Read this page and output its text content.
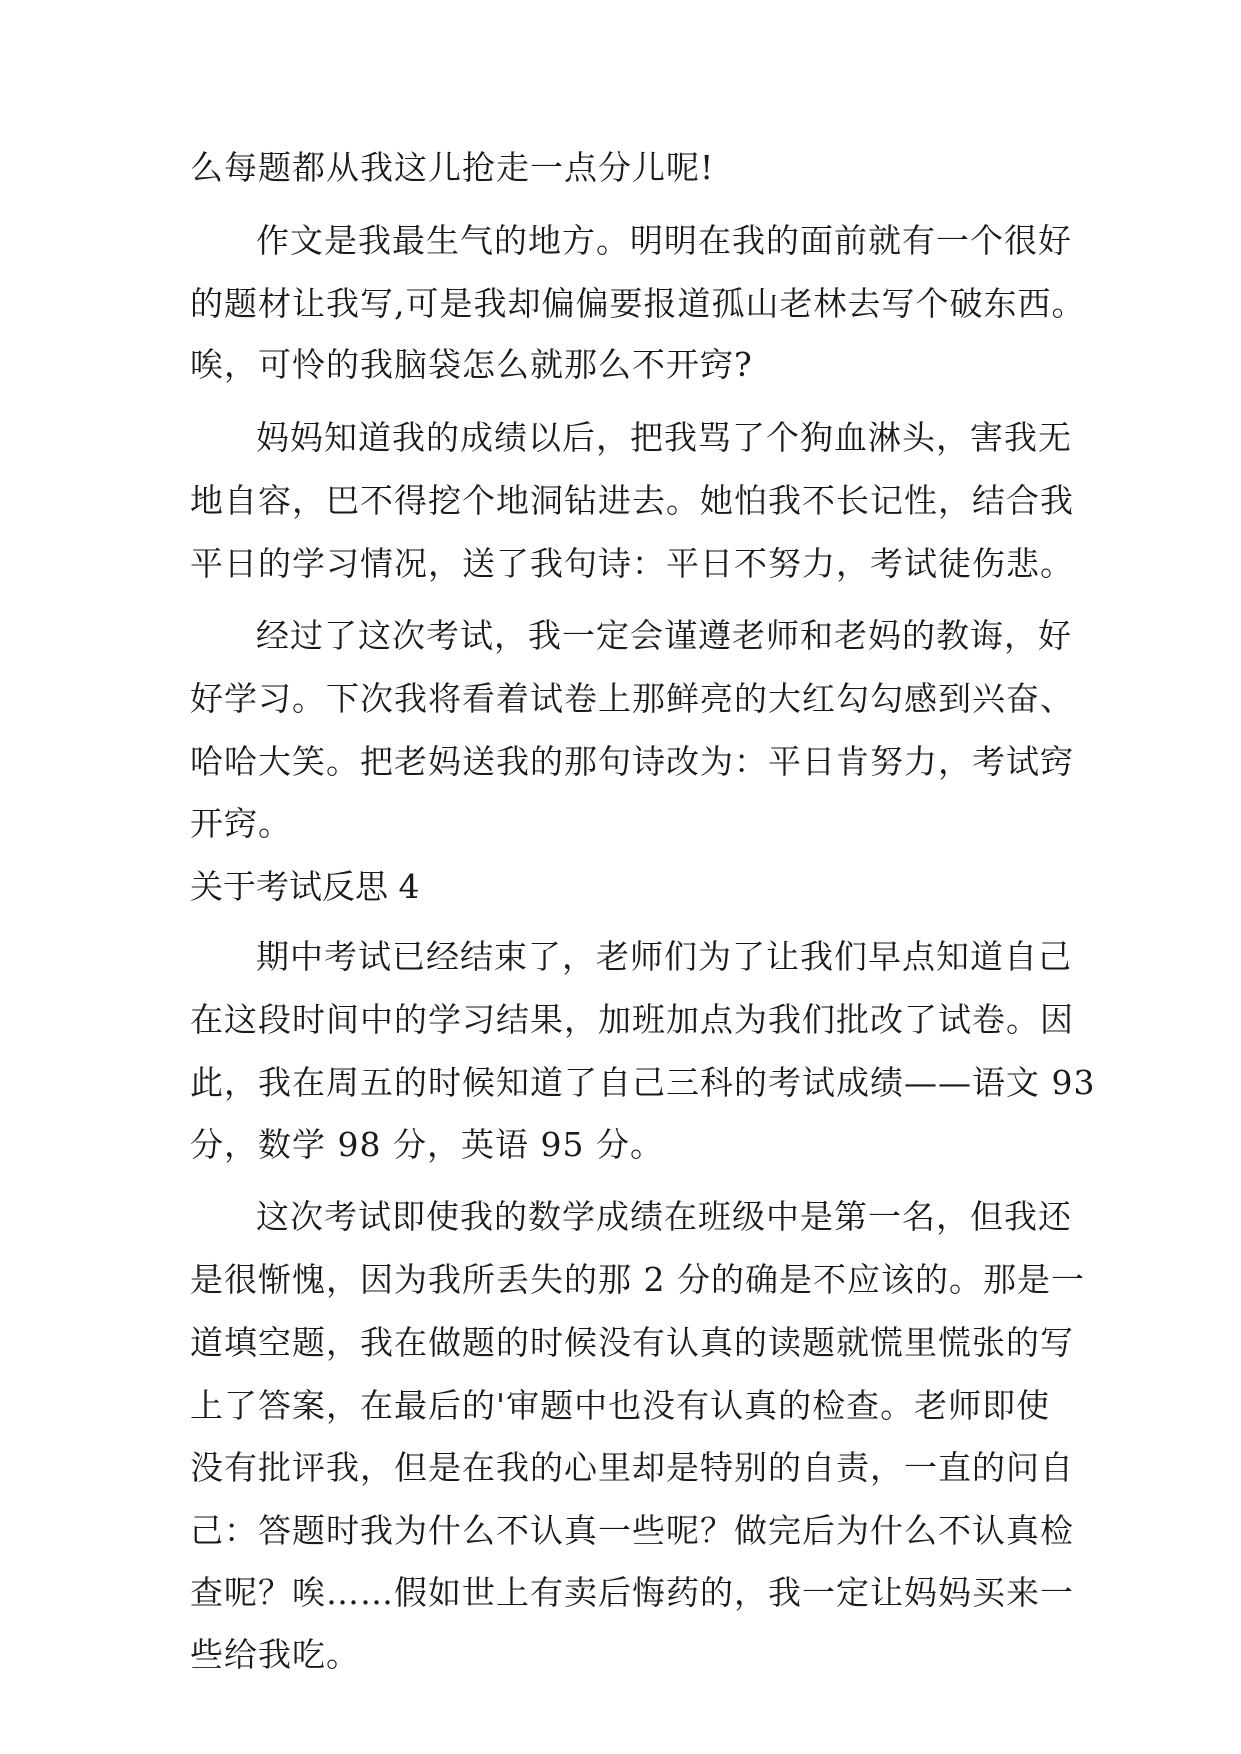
么每题都从我这儿抢走一点分儿呢!
作文是我最生气的地方。明明在我的面前就有一个很好
的题材让我写,可是我却偏偏要报道孤山老林去写个破东西。
唉，可怜的我脑袋怎么就那么不开窍?
妈妈知道我的成绩以后，把我骂了个狗血淋头，害我无
地自容，巴不得挖个地洞钻进去。她怕我不长记性，结合我
平日的学习情况，送了我句诗：平日不努力，考试徒伤悲。
经过了这次考试，我一定会谨遵老师和老妈的教诲，好
好学习。下次我将看着试卷上那鲜亮的大红勾勾感到兴奋、
哈哈大笑。把老妈送我的那句诗改为：平日肯努力，考试窍
开窍。
关于考试反思 4
期中考试已经结束了，老师们为了让我们早点知道自己
在这段时间中的学习结果，加班加点为我们批改了试卷。因
此，我在周五的时候知道了自己三科的考试成绩——语文 93
分，数学 98 分，英语 95 分。
这次考试即使我的数学成绩在班级中是第一名，但我还
是很惭愧，因为我所丢失的那 2 分的确是不应该的。那是一
道填空题，我在做题的时候没有认真的读题就慌里慌张的写
上了答案，在最后的'审题中也没有认真的检查。老师即使
没有批评我，但是在我的心里却是特别的自责，一直的问自
己：答题时我为什么不认真一些呢？做完后为什么不认真检
查呢？唉……假如世上有卖后悔药的，我一定让妈妈买来一
些给我吃。
